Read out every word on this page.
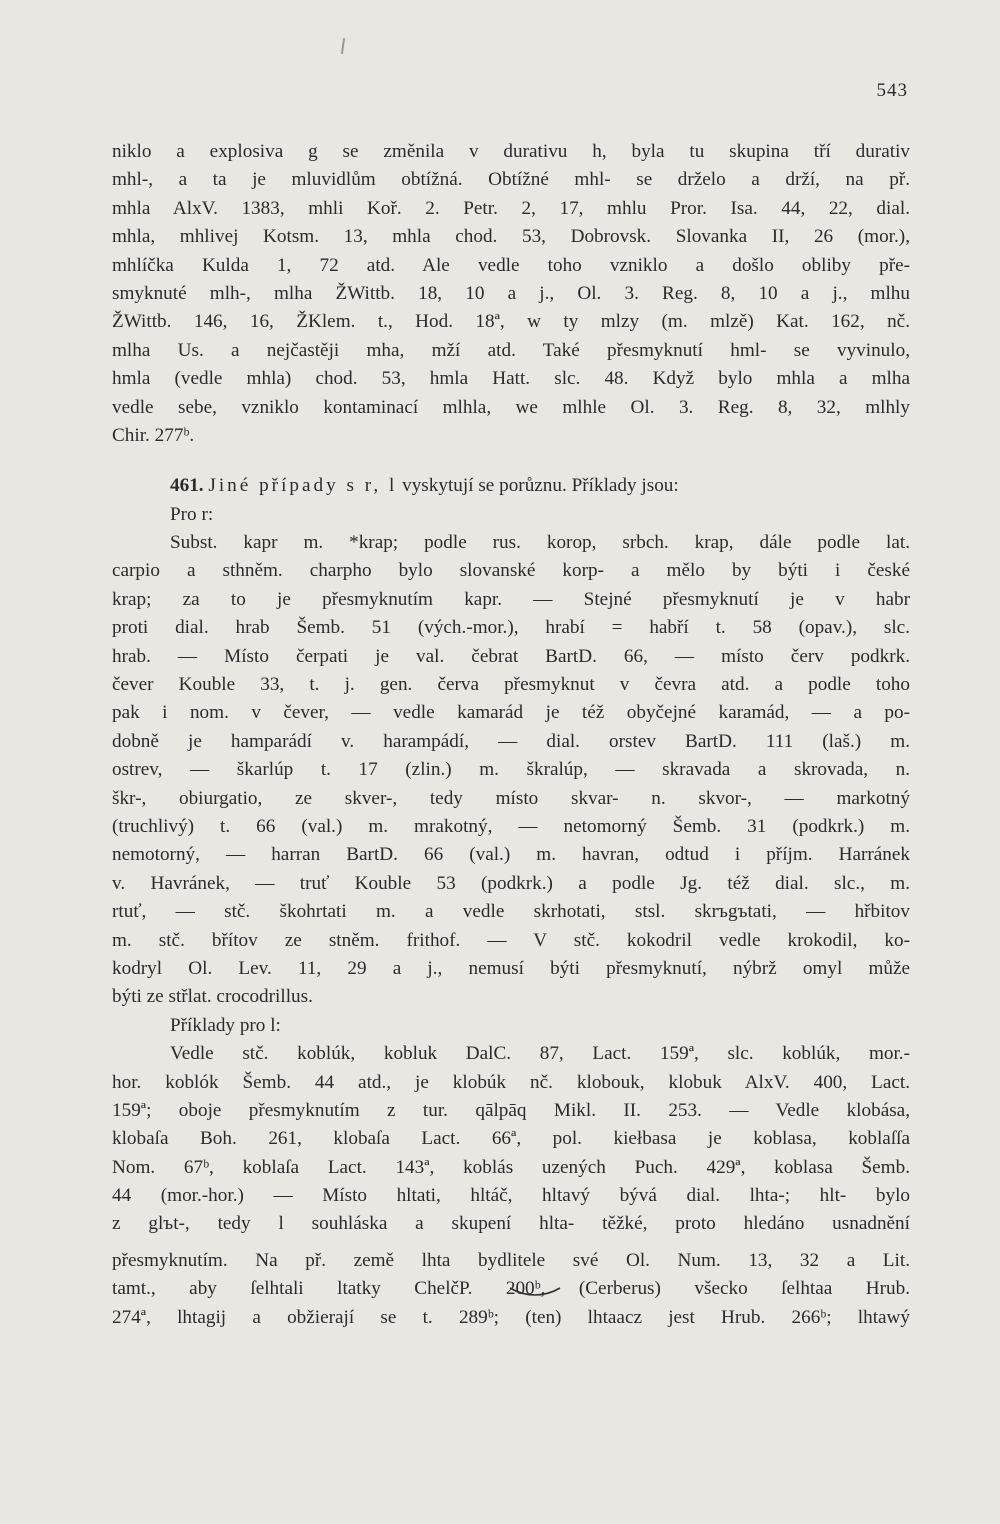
543
niklo a explosiva g se změnila v durativu h, byla tu skupina tří durativ
mhl-, a ta je mluvidlům obtížná. Obtížné mhl- se drželo a drží, na př.
mhla AlxV. 1383, mhli Koř. 2. Petr. 2, 17, mhlu Pror. Isa. 44, 22, dial.
mhla, mhlivej Kotsm. 13, mhla chod. 53, Dobrovsk. Slovanka II, 26 (mor.),
mhlíčka Kulda 1, 72 atd. Ale vedle toho vzniklo a došlo obliby pře-
smyknuté mlh-, mlha ŽWittb. 18, 10 a j., Ol. 3. Reg. 8, 10 a j., mlhu
ŽWittb. 146, 16, ŽKlem. t., Hod. 18ª, w ty mlzy (m. mlzě) Kat. 162, nč.
mlha Us. a nejčastěji mha, mží atd. Také přesmyknutí hml- se vyvinulo,
hmla (vedle mhla) chod. 53, hmla Hatt. slc. 48. Když bylo mhla a mlha
vedle sebe, vzniklo kontaminací mlhla, we mlhle Ol. 3. Reg. 8, 32, mlhly
Chir. 277ᵇ.
461. Jiné případy s r, l vyskytují se porůznu. Příklady jsou:
Pro r:
Subst. kapr m. *krap; podle rus. korop, srbch. krap, dále podle lat.
carpio a sthněm. charpho bylo slovanské korp- a mělo by býti i české
krap; za to je přesmyknutím kapr. — Stejné přesmyknutí je v habr
proti dial. hrab Šemb. 51 (vých.-mor.), hrabí = habří t. 58 (opav.), slc.
hrab. — Místo čerpati je val. čebrat BartD. 66, — místo červ podkrk.
čever Kouble 33, t. j. gen. červa přesmyknut v čevra atd. a podle toho
pak i nom. v čever, — vedle kamarád je též obyčejné karamád, — a po-
dobně je hamparádí v. harampádí, — dial. orstev BartD. 111 (laš.) m.
ostrev, — škarlúp t. 17 (zlin.) m. škralúp, — skravada a skrovada, n.
škr-, obiurgatio, ze skver-, tedy místo skvar- n. skvor-, — markotný
(truchlivý) t. 66 (val.) m. mrakotný, — netomorný Šemb. 31 (podkrk.) m.
nemotorný, — harran BartD. 66 (val.) m. havran, odtud i příjm. Harránek
v. Havránek, — truť Kouble 53 (podkrk.) a podle Jg. též dial. slc., m.
rtuť, — stč. škohrtati m. a vedle skrhotati, stsl. skrъgъtati, — hřbitov
m. stč. břítov ze stněm. frithof. — V stč. kokodril vedle krokodil, ko-
kodryl Ol. Lev. 11, 29 a j., nemusí býti přesmyknutí, nýbrž omyl může
býti ze střlat. crocodrillus.
Příklady pro l:
Vedle stč. koblúk, kobluk DalC. 87, Lact. 159ª, slc. koblúk, mor.-
hor. koblók Šemb. 44 atd., je klobúk nč. klobouk, klobuk AlxV. 400, Lact.
159ª; oboje přesmyknutím z tur. qālpāq Mikl. II. 253. — Vedle klobása,
klobaſa Boh. 261, klobaſa Lact. 66ª, pol. kiełbasa je koblasa, koblaſſa
Nom. 67ᵇ, koblaſa Lact. 143ª, koblás uzených Puch. 429ª, koblasa Šemb.
44 (mor.-hor.) — Místo hltati, hltáč, hltavý bývá dial. lhta-; hlt- bylo
z glъt-, tedy l souhláska a skupení hlta- těžké, proto hledáno usnadnění
přesmyknutím. Na př. země lhta bydlitele své Ol. Num. 13, 32 a Lit.
tamt., aby ſelhtali ltatky ChelčP. 200ᵇ, (Cerberus) všecko ſelhtaa Hrub.
274ª, lhtagij a obžierají se t. 289ᵇ; (ten) lhtaacz jest Hrub. 266ᵇ; lhtawý
